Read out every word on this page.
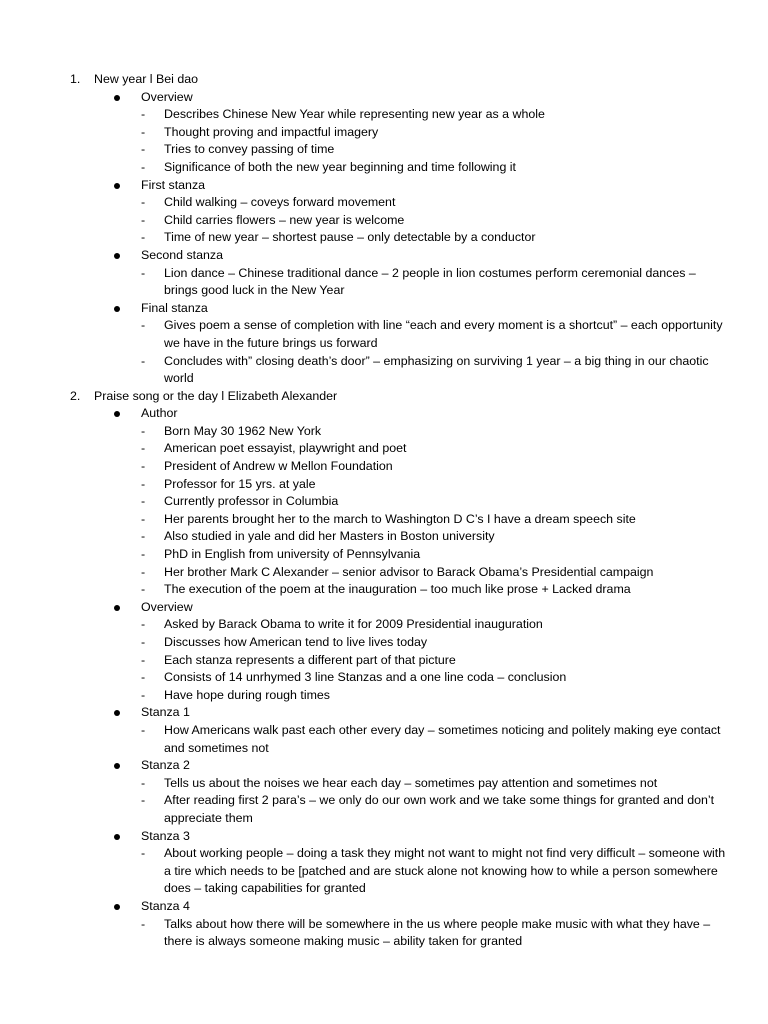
1. New year l Bei dao
Overview
- Describes Chinese New Year while representing new year as a whole
- Thought proving and impactful imagery
- Tries to convey passing of time
- Significance of both the new year beginning and time following it
First stanza
- Child walking – coveys forward movement
- Child carries flowers – new year is welcome
- Time of new year – shortest pause – only detectable by a conductor
Second stanza
- Lion dance – Chinese traditional dance – 2 people in lion costumes perform ceremonial dances – brings good luck in the New Year
Final stanza
- Gives poem a sense of completion with line “each and every moment is a shortcut” – each opportunity we have in the future brings us forward
- Concludes with” closing death’s door” – emphasizing on surviving 1 year – a big thing in our chaotic world
2. Praise song or the day l Elizabeth Alexander
Author
- Born May 30 1962 New York
- American poet essayist, playwright and poet
- President of Andrew w Mellon Foundation
- Professor for 15 yrs. at yale
- Currently professor in Columbia
- Her parents brought her to the march to Washington D C’s I have a dream speech site
- Also studied in yale and did her Masters in Boston university
- PhD in English from university of Pennsylvania
- Her brother Mark C Alexander – senior advisor to Barack Obama’s Presidential campaign
- The execution of the poem at the inauguration – too much like prose + Lacked drama
Overview
- Asked by Barack Obama to write it for 2009 Presidential inauguration
- Discusses how American tend to live lives today
- Each stanza represents a different part of that picture
- Consists of 14 unrhymed 3 line Stanzas and a one line coda – conclusion
- Have hope during rough times
Stanza 1
- How Americans walk past each other every day – sometimes noticing and politely making eye contact and sometimes not
Stanza 2
- Tells us about the noises we hear each day – sometimes pay attention and sometimes not
- After reading first 2 para’s – we only do our own work and we take some things for granted and don’t appreciate them
Stanza 3
- About working people – doing a task they might not want to might not find very difficult – someone with a tire which needs to be [patched and are stuck alone not knowing how to while a person somewhere does – taking capabilities for granted
Stanza 4
- Talks about how there will be somewhere in the us where people make music with what they have – there is always someone making music – ability taken for granted
